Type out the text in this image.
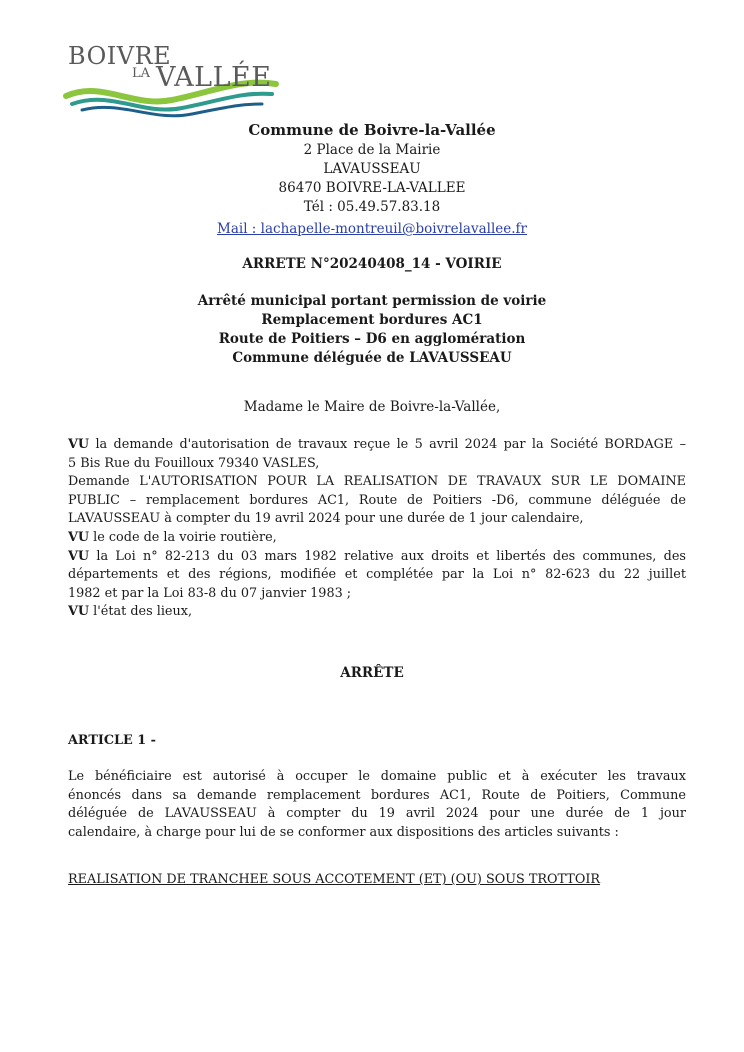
BOIVRE
LA VALLÉE
Commune de Boivre-la-Vallée
2 Place de la Mairie
LAVAUSSEAU
86470 BOIVRE-LA-VALLEE
Tél : 05.49.57.83.18
Mail : lachapelle-montreuil@boivrelavallee.fr
ARRETE N°20240408_14 - VOIRIE
Arrêté municipal portant permission de voirie
Remplacement bordures AC1
Route de Poitiers – D6 en agglomération
Commune déléguée de LAVAUSSEAU
Madame le Maire de Boivre-la-Vallée,
VU la demande d'autorisation de travaux reçue le 5 avril 2024 par la Société BORDAGE –
5 Bis Rue du Fouilloux 79340 VASLES,
Demande L'AUTORISATION POUR LA REALISATION DE TRAVAUX SUR LE DOMAINE
PUBLIC – remplacement bordures AC1, Route de Poitiers -D6, commune déléguée de
LAVAUSSEAU à compter du 19 avril 2024 pour une durée de 1 jour calendaire,
VU le code de la voirie routière,
VU la Loi n° 82-213 du 03 mars 1982 relative aux droits et libertés des communes, des
départements et des régions, modifiée et complétée par la Loi n° 82-623 du 22 juillet
1982 et par la Loi 83-8 du 07 janvier 1983 ;
VU l'état des lieux,
ARRÊTE
ARTICLE 1 -
Le bénéficiaire est autorisé à occuper le domaine public et à exécuter les travaux
énoncés dans sa demande remplacement bordures AC1, Route de Poitiers, Commune
déléguée de LAVAUSSEAU à compter du 19 avril 2024 pour une durée de 1 jour
calendaire, à charge pour lui de se conformer aux dispositions des articles suivants :
REALISATION DE TRANCHEE SOUS ACCOTEMENT (ET) (OU) SOUS TROTTOIR
